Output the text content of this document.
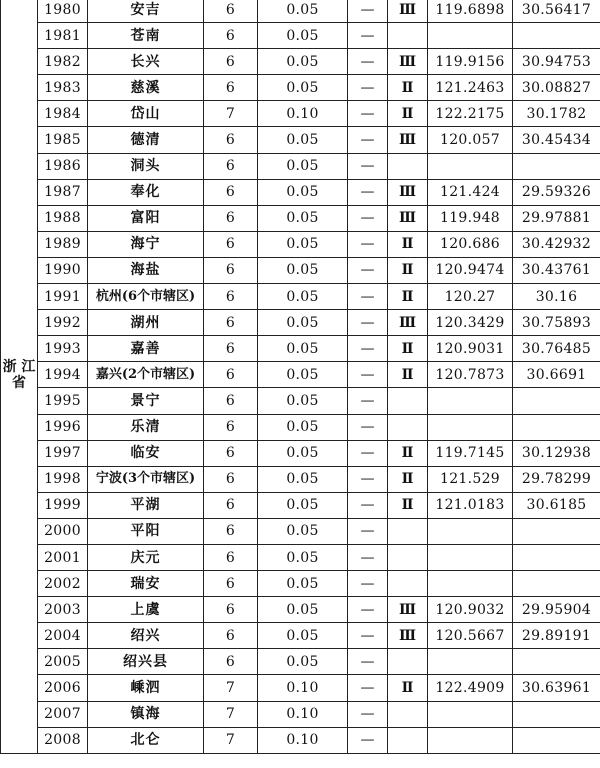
浙 江 省	1980	安吉	6	0.05	—	Ⅲ	119.6898	30.56417
	1981	苍南	6	0.05	—			
	1982	长兴	6	0.05	—	Ⅲ	119.9156	30.94753
	1983	慈溪	6	0.05	—	Ⅱ	121.2463	30.08827
	1984	岱山	7	0.10	—	Ⅱ	122.2175	30.1782
	1985	德清	6	0.05	—	Ⅲ	120.057	30.45434
	1986	洞头	6	0.05	—			
	1987	奉化	6	0.05	—	Ⅲ	121.424	29.59326
	1988	富阳	6	0.05	—	Ⅲ	119.948	29.97881
	1989	海宁	6	0.05	—	Ⅱ	120.686	30.42932
	1990	海盐	6	0.05	—	Ⅱ	120.9474	30.43761
	1991	杭州(6个市辖区)	6	0.05	—	Ⅱ	120.27	30.16
	1992	湖州	6	0.05	—	Ⅲ	120.3429	30.75893
	1993	嘉善	6	0.05	—	Ⅱ	120.9031	30.76485
	1994	嘉兴(2个市辖区)	6	0.05	—	Ⅱ	120.7873	30.6691
	1995	景宁	6	0.05	—			
	1996	乐清	6	0.05	—			
	1997	临安	6	0.05	—	Ⅱ	119.7145	30.12938
	1998	宁波(3个市辖区)	6	0.05	—	Ⅱ	121.529	29.78299
	1999	平湖	6	0.05	—	Ⅱ	121.0183	30.6185
	2000	平阳	6	0.05	—			
	2001	庆元	6	0.05	—			
	2002	瑞安	6	0.05	—			
	2003	上虞	6	0.05	—	Ⅲ	120.9032	29.95904
	2004	绍兴	6	0.05	—	Ⅲ	120.5667	29.89191
	2005	绍兴县	6	0.05	—			
	2006	嵊泗	7	0.10	—	Ⅱ	122.4909	30.63961
	2007	镇海	7	0.10	—			
	2008	北仑	7	0.10	—			
